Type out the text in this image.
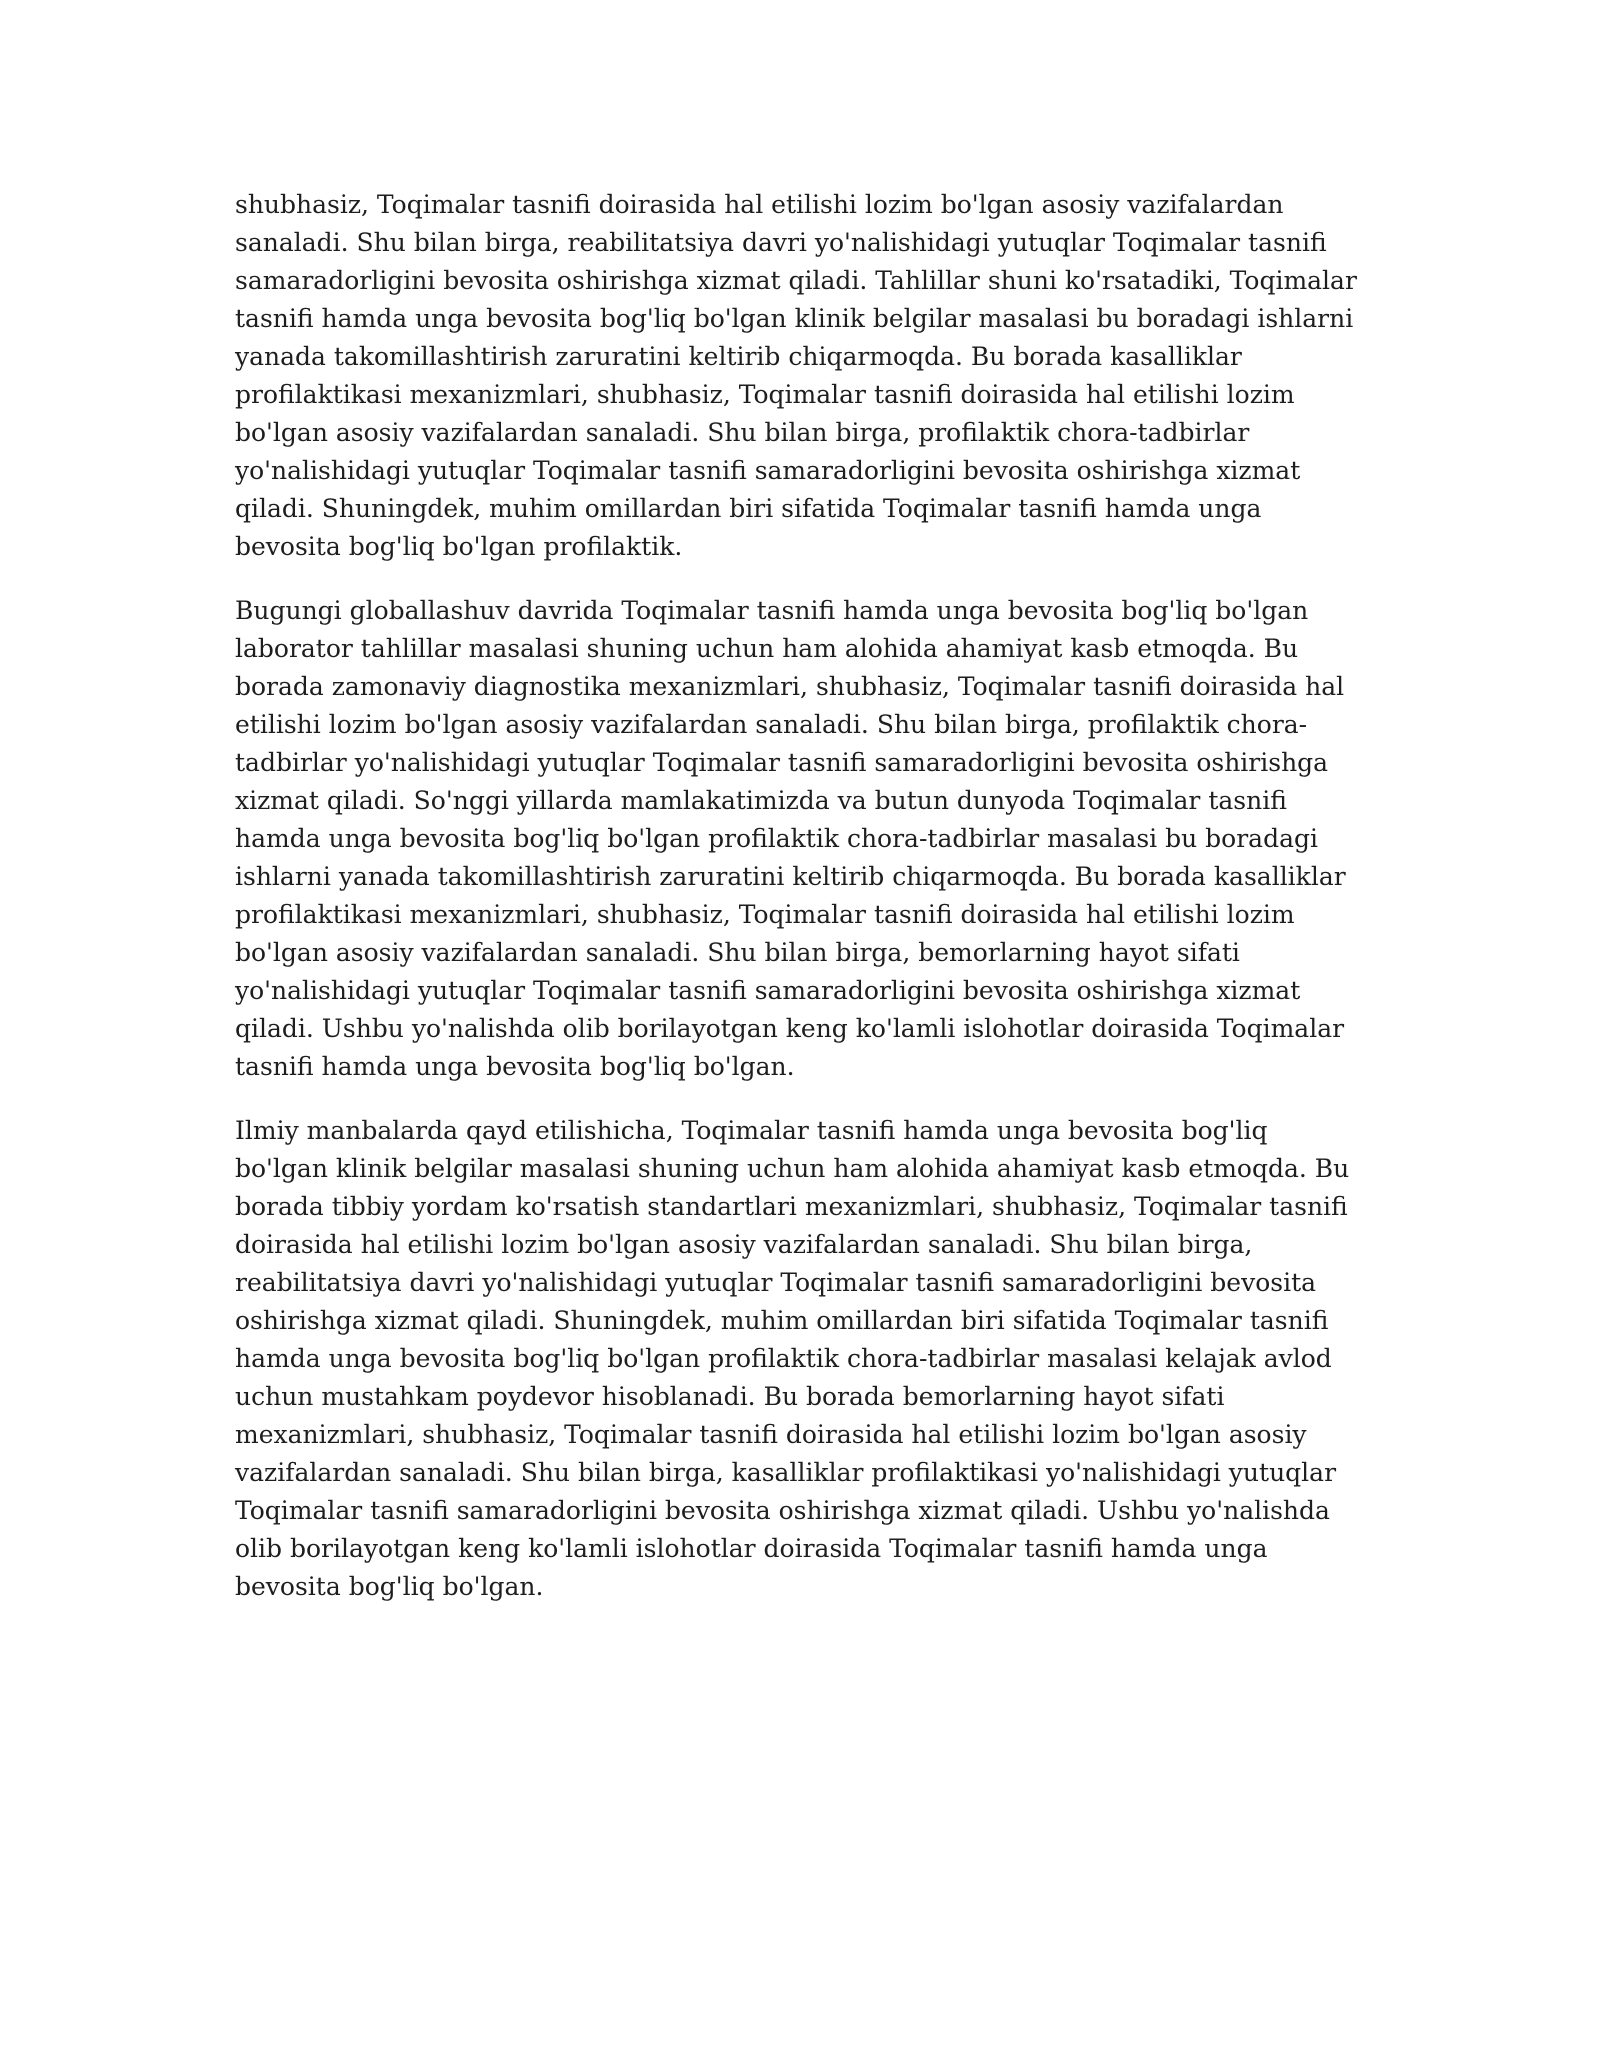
shubhasiz, Toqimalar tasnifi doirasida hal etilishi lozim bo'lgan asosiy vazifalardan sanaladi. Shu bilan birga, reabilitatsiya davri yo'nalishidagi yutuqlar Toqimalar tasnifi samaradorligini bevosita oshirishga xizmat qiladi. Tahlillar shuni ko'rsatadiki, Toqimalar tasnifi hamda unga bevosita bog'liq bo'lgan klinik belgilar masalasi bu boradagi ishlarni yanada takomillashtirish zaruratini keltirib chiqarmoqda. Bu borada kasalliklar profilaktikasi mexanizmlari, shubhasiz, Toqimalar tasnifi doirasida hal etilishi lozim bo'lgan asosiy vazifalardan sanaladi. Shu bilan birga, profilaktik chora-tadbirlar yo'nalishidagi yutuqlar Toqimalar tasnifi samaradorligini bevosita oshirishga xizmat qiladi. Shuningdek, muhim omillardan biri sifatida Toqimalar tasnifi hamda unga bevosita bog'liq bo'lgan profilaktik.

Bugungi globallashuv davrida Toqimalar tasnifi hamda unga bevosita bog'liq bo'lgan laborator tahlillar masalasi shuning uchun ham alohida ahamiyat kasb etmoqda. Bu borada zamonaviy diagnostika mexanizmlari, shubhasiz, Toqimalar tasnifi doirasida hal etilishi lozim bo'lgan asosiy vazifalardan sanaladi. Shu bilan birga, profilaktik chora-tadbirlar yo'nalishidagi yutuqlar Toqimalar tasnifi samaradorligini bevosita oshirishga xizmat qiladi. So'nggi yillarda mamlakatimizda va butun dunyoda Toqimalar tasnifi hamda unga bevosita bog'liq bo'lgan profilaktik chora-tadbirlar masalasi bu boradagi ishlarni yanada takomillashtirish zaruratini keltirib chiqarmoqda. Bu borada kasalliklar profilaktikasi mexanizmlari, shubhasiz, Toqimalar tasnifi doirasida hal etilishi lozim bo'lgan asosiy vazifalardan sanaladi. Shu bilan birga, bemorlarning hayot sifati yo'nalishidagi yutuqlar Toqimalar tasnifi samaradorligini bevosita oshirishga xizmat qiladi. Ushbu yo'nalishda olib borilayotgan keng ko'lamli islohotlar doirasida Toqimalar tasnifi hamda unga bevosita bog'liq bo'lgan.

Ilmiy manbalarda qayd etilishicha, Toqimalar tasnifi hamda unga bevosita bog'liq bo'lgan klinik belgilar masalasi shuning uchun ham alohida ahamiyat kasb etmoqda. Bu borada tibbiy yordam ko'rsatish standartlari mexanizmlari, shubhasiz, Toqimalar tasnifi doirasida hal etilishi lozim bo'lgan asosiy vazifalardan sanaladi. Shu bilan birga, reabilitatsiya davri yo'nalishidagi yutuqlar Toqimalar tasnifi samaradorligini bevosita oshirishga xizmat qiladi. Shuningdek, muhim omillardan biri sifatida Toqimalar tasnifi hamda unga bevosita bog'liq bo'lgan profilaktik chora-tadbirlar masalasi kelajak avlod uchun mustahkam poydevor hisoblanadi. Bu borada bemorlarning hayot sifati mexanizmlari, shubhasiz, Toqimalar tasnifi doirasida hal etilishi lozim bo'lgan asosiy vazifalardan sanaladi. Shu bilan birga, kasalliklar profilaktikasi yo'nalishidagi yutuqlar Toqimalar tasnifi samaradorligini bevosita oshirishga xizmat qiladi. Ushbu yo'nalishda olib borilayotgan keng ko'lamli islohotlar doirasida Toqimalar tasnifi hamda unga bevosita bog'liq bo'lgan.
